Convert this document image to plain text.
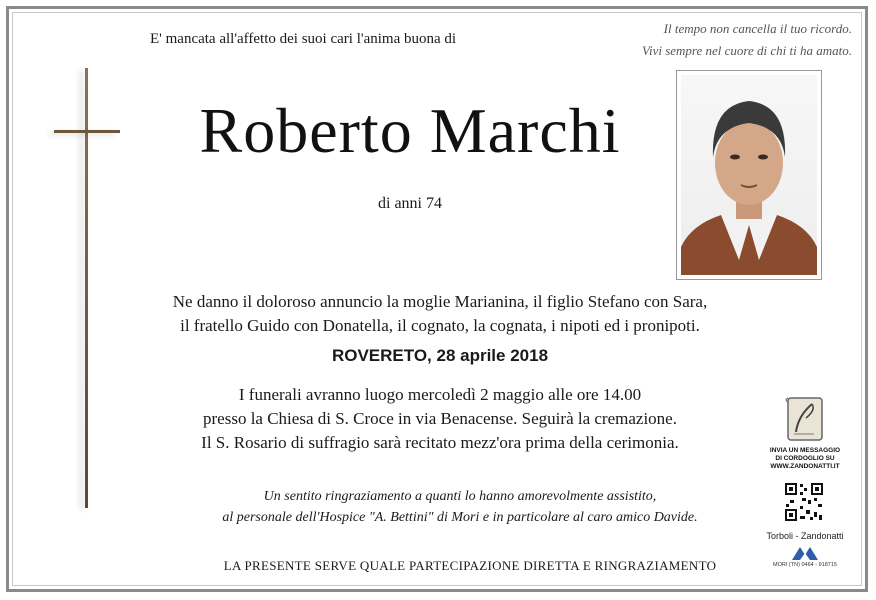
E' mancata all'affetto dei suoi cari l'anima buona di
Il tempo non cancella il tuo ricordo.
Vivi sempre nel cuore di chi ti ha amato.
Roberto Marchi
di anni 74
Ne danno il doloroso annuncio la moglie Marianina, il figlio Stefano con Sara,
il fratello Guido con Donatella, il cognato, la cognata, i nipoti ed i pronipoti.
ROVERETO, 28 aprile 2018
I funerali avranno luogo mercoledì 2 maggio alle ore 14.00
presso la Chiesa di S. Croce in via Benacense. Seguirà la cremazione.
Il S. Rosario di suffragio sarà recitato mezz'ora prima della cerimonia.
Un sentito ringraziamento a quanti lo hanno amorevolmente assistito,
al personale dell'Hospice "A. Bettini" di Mori e in particolare al caro amico Davide.
LA PRESENTE SERVE QUALE PARTECIPAZIONE DIRETTA E RINGRAZIAMENTO
INVIA UN MESSAGGIO
DI CORDOGLIO SU
WWW.ZANDONATTI.IT
Torboli - Zandonatti
MORI (TN) 0464 - 918715
